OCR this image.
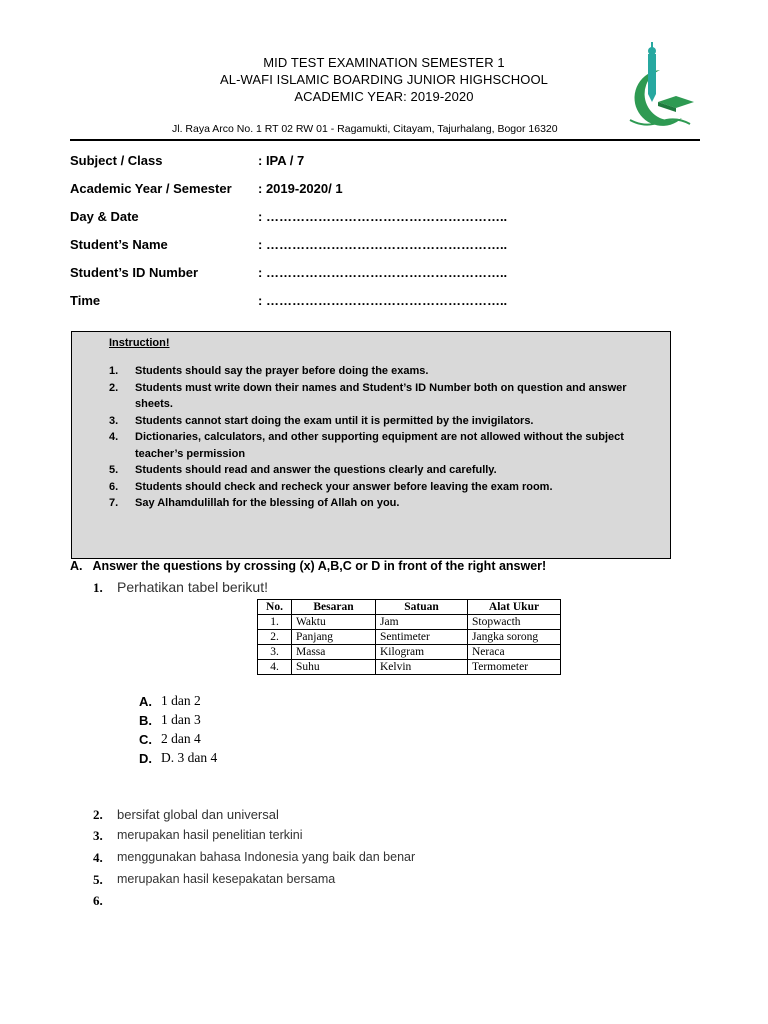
MID TEST EXAMINATION SEMESTER 1
AL-WAFI ISLAMIC BOARDING JUNIOR HIGHSCHOOL
ACADEMIC YEAR: 2019-2020
Jl. Raya Arco No. 1 RT 02 RW 01 - Ragamukti, Citayam, Tajurhalang, Bogor 16320
Subject / Class	: IPA / 7
Academic Year / Semester : 2019-2020/ 1
Day & Date	: ………………………………………………..
Student’s Name	: ………………………………………………..
Student’s ID Number	: ………………………………………………..
Time	: ………………………………………………..
Instruction!
1. Students should say the prayer before doing the exams.
2. Students must write down their names and Student’s ID Number both on question and answer sheets.
3. Students cannot start doing the exam until it is permitted by the invigilators.
4. Dictionaries, calculators, and other supporting equipment are not allowed without the subject teacher’s permission
5. Students should read and answer the questions clearly and carefully.
6. Students should check and recheck your answer before leaving the exam room.
7. Say Alhamdulillah for the blessing of Allah on you.
A.   Answer the questions by crossing (x) A,B,C or D in front of the right answer!
1. Perhatikan tabel berikut!
No.	Besaran	Satuan	Alat Ukur
1.	Waktu	Jam	Stopwacth
2.	Panjang	Sentimeter	Jangka sorong
3.	Massa	Kilogram	Neraca
4.	Suhu	Kelvin	Termometer
A. 1 dan 2
B. 1 dan 3
C. 2 dan 4
D. D. 3 dan 4
2. bersifat global dan universal
3. merupakan hasil penelitian terkini
4. menggunakan bahasa Indonesia yang baik dan benar
5. merupakan hasil kesepakatan bersama
6.
